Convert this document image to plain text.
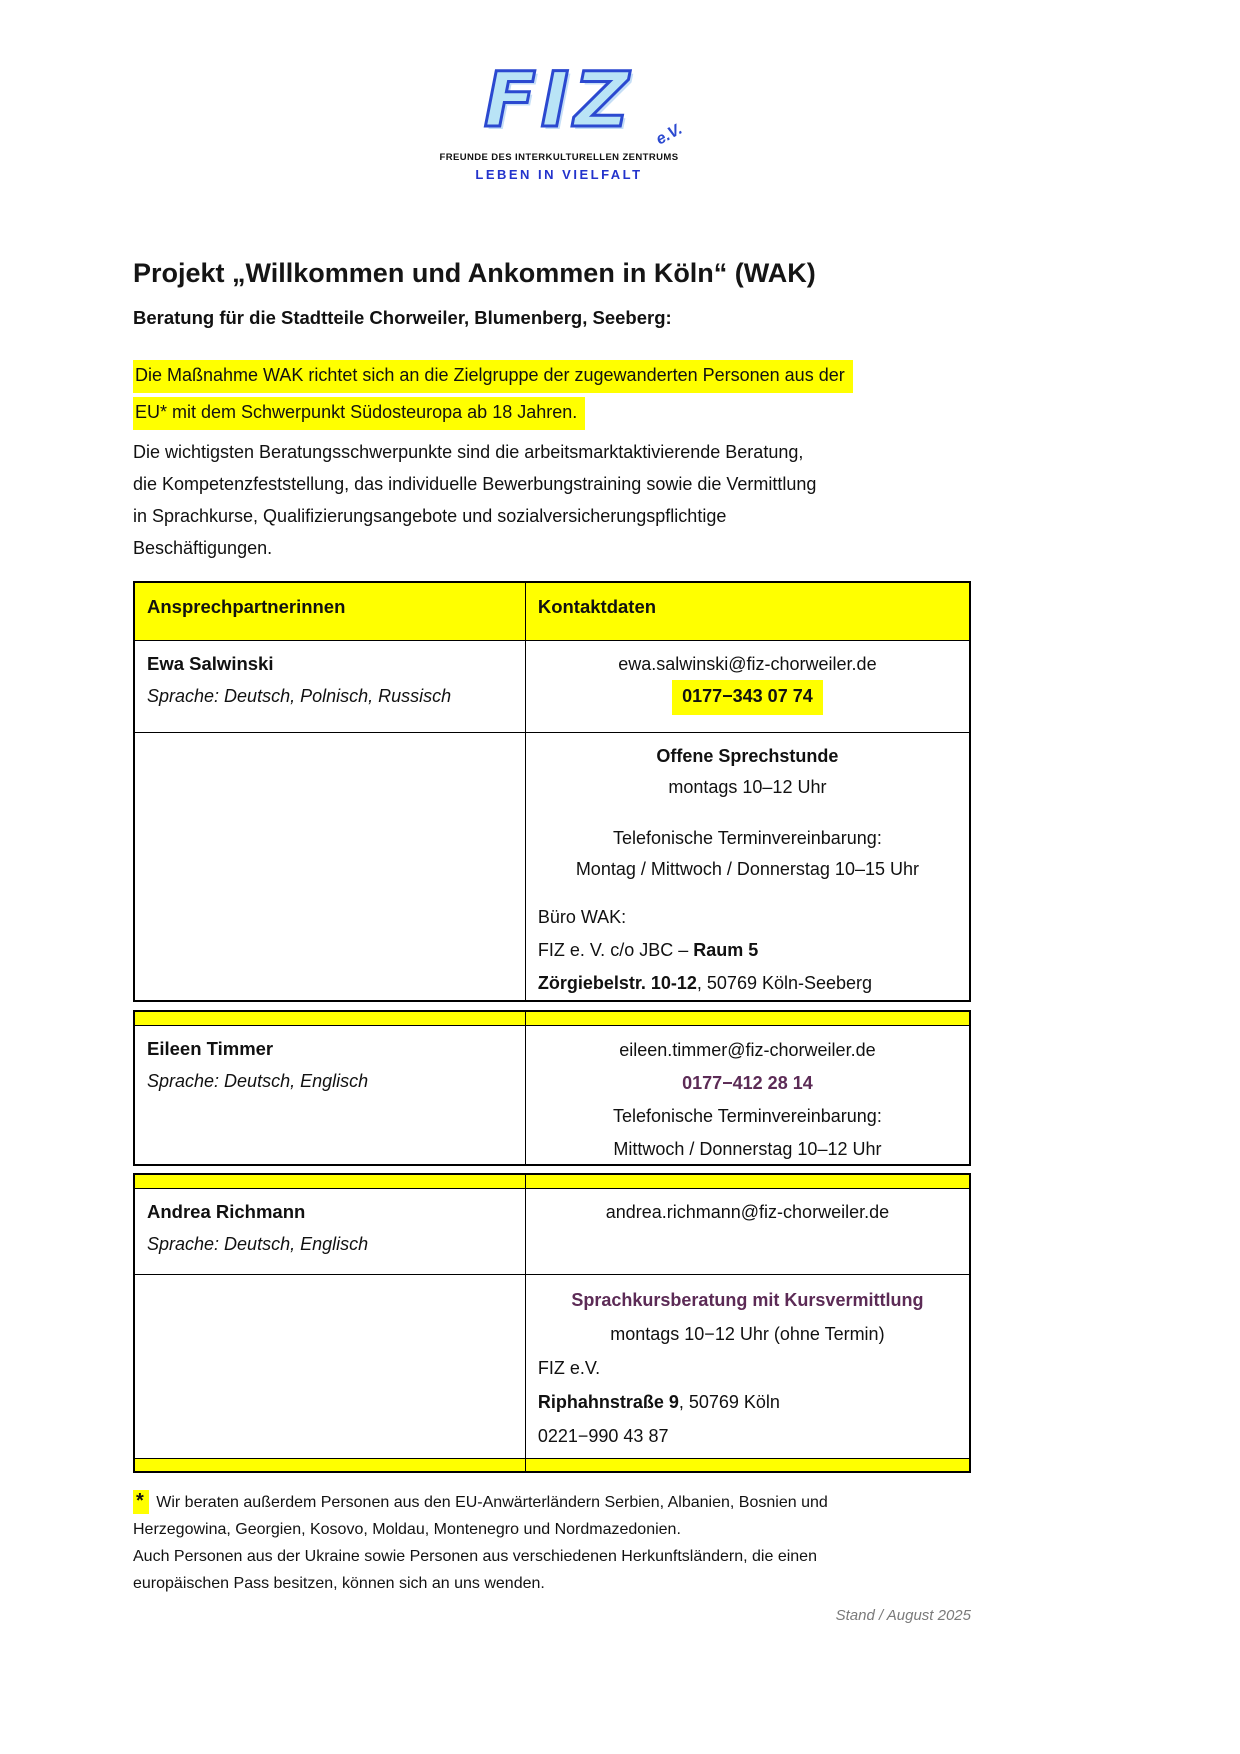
FIZ e.V.
FREUNDE DES INTERKULTURELLEN ZENTRUMS
LEBEN IN VIELFALT
Projekt „Willkommen und Ankommen in Köln“ (WAK)
Beratung für die Stadtteile Chorweiler, Blumenberg, Seeberg:
Die Maßnahme WAK richtet sich an die Zielgruppe der zugewanderten Personen aus der
EU* mit dem Schwerpunkt Südosteuropa ab 18 Jahren.
Die wichtigsten Beratungsschwerpunkte sind die arbeitsmarktaktivierende Beratung,
die Kompetenzfeststellung, das individuelle Bewerbungstraining sowie die Vermittlung
in Sprachkurse, Qualifizierungsangebote und sozialversicherungspflichtige
Beschäftigungen.
Ansprechpartnerinnen	Kontaktdaten
Ewa Salwinski
Sprache: Deutsch, Polnisch, Russisch
ewa.salwinski@fiz-chorweiler.de
0177−343 07 74
Offene Sprechstunde
montags 10–12 Uhr
Telefonische Terminvereinbarung:
Montag / Mittwoch / Donnerstag 10–15 Uhr
Büro WAK:
FIZ e. V. c/o JBC – Raum 5
Zörgiebelstr. 10-12, 50769 Köln-Seeberg
Eileen Timmer
Sprache: Deutsch, Englisch
eileen.timmer@fiz-chorweiler.de
0177−412 28 14
Telefonische Terminvereinbarung:
Mittwoch / Donnerstag 10–12 Uhr
Andrea Richmann
Sprache: Deutsch, Englisch
andrea.richmann@fiz-chorweiler.de
Sprachkursberatung mit Kursvermittlung
montags 10−12 Uhr (ohne Termin)
FIZ e.V.
Riphahnstraße 9, 50769 Köln
0221−990 43 87

* Wir beraten außerdem Personen aus den EU-Anwärterländern Serbien, Albanien, Bosnien und
Herzegowina, Georgien, Kosovo, Moldau, Montenegro und Nordmazedonien.
Auch Personen aus der Ukraine sowie Personen aus verschiedenen Herkunftsländern, die einen
europäischen Pass besitzen, können sich an uns wenden.

Stand / August 2025
